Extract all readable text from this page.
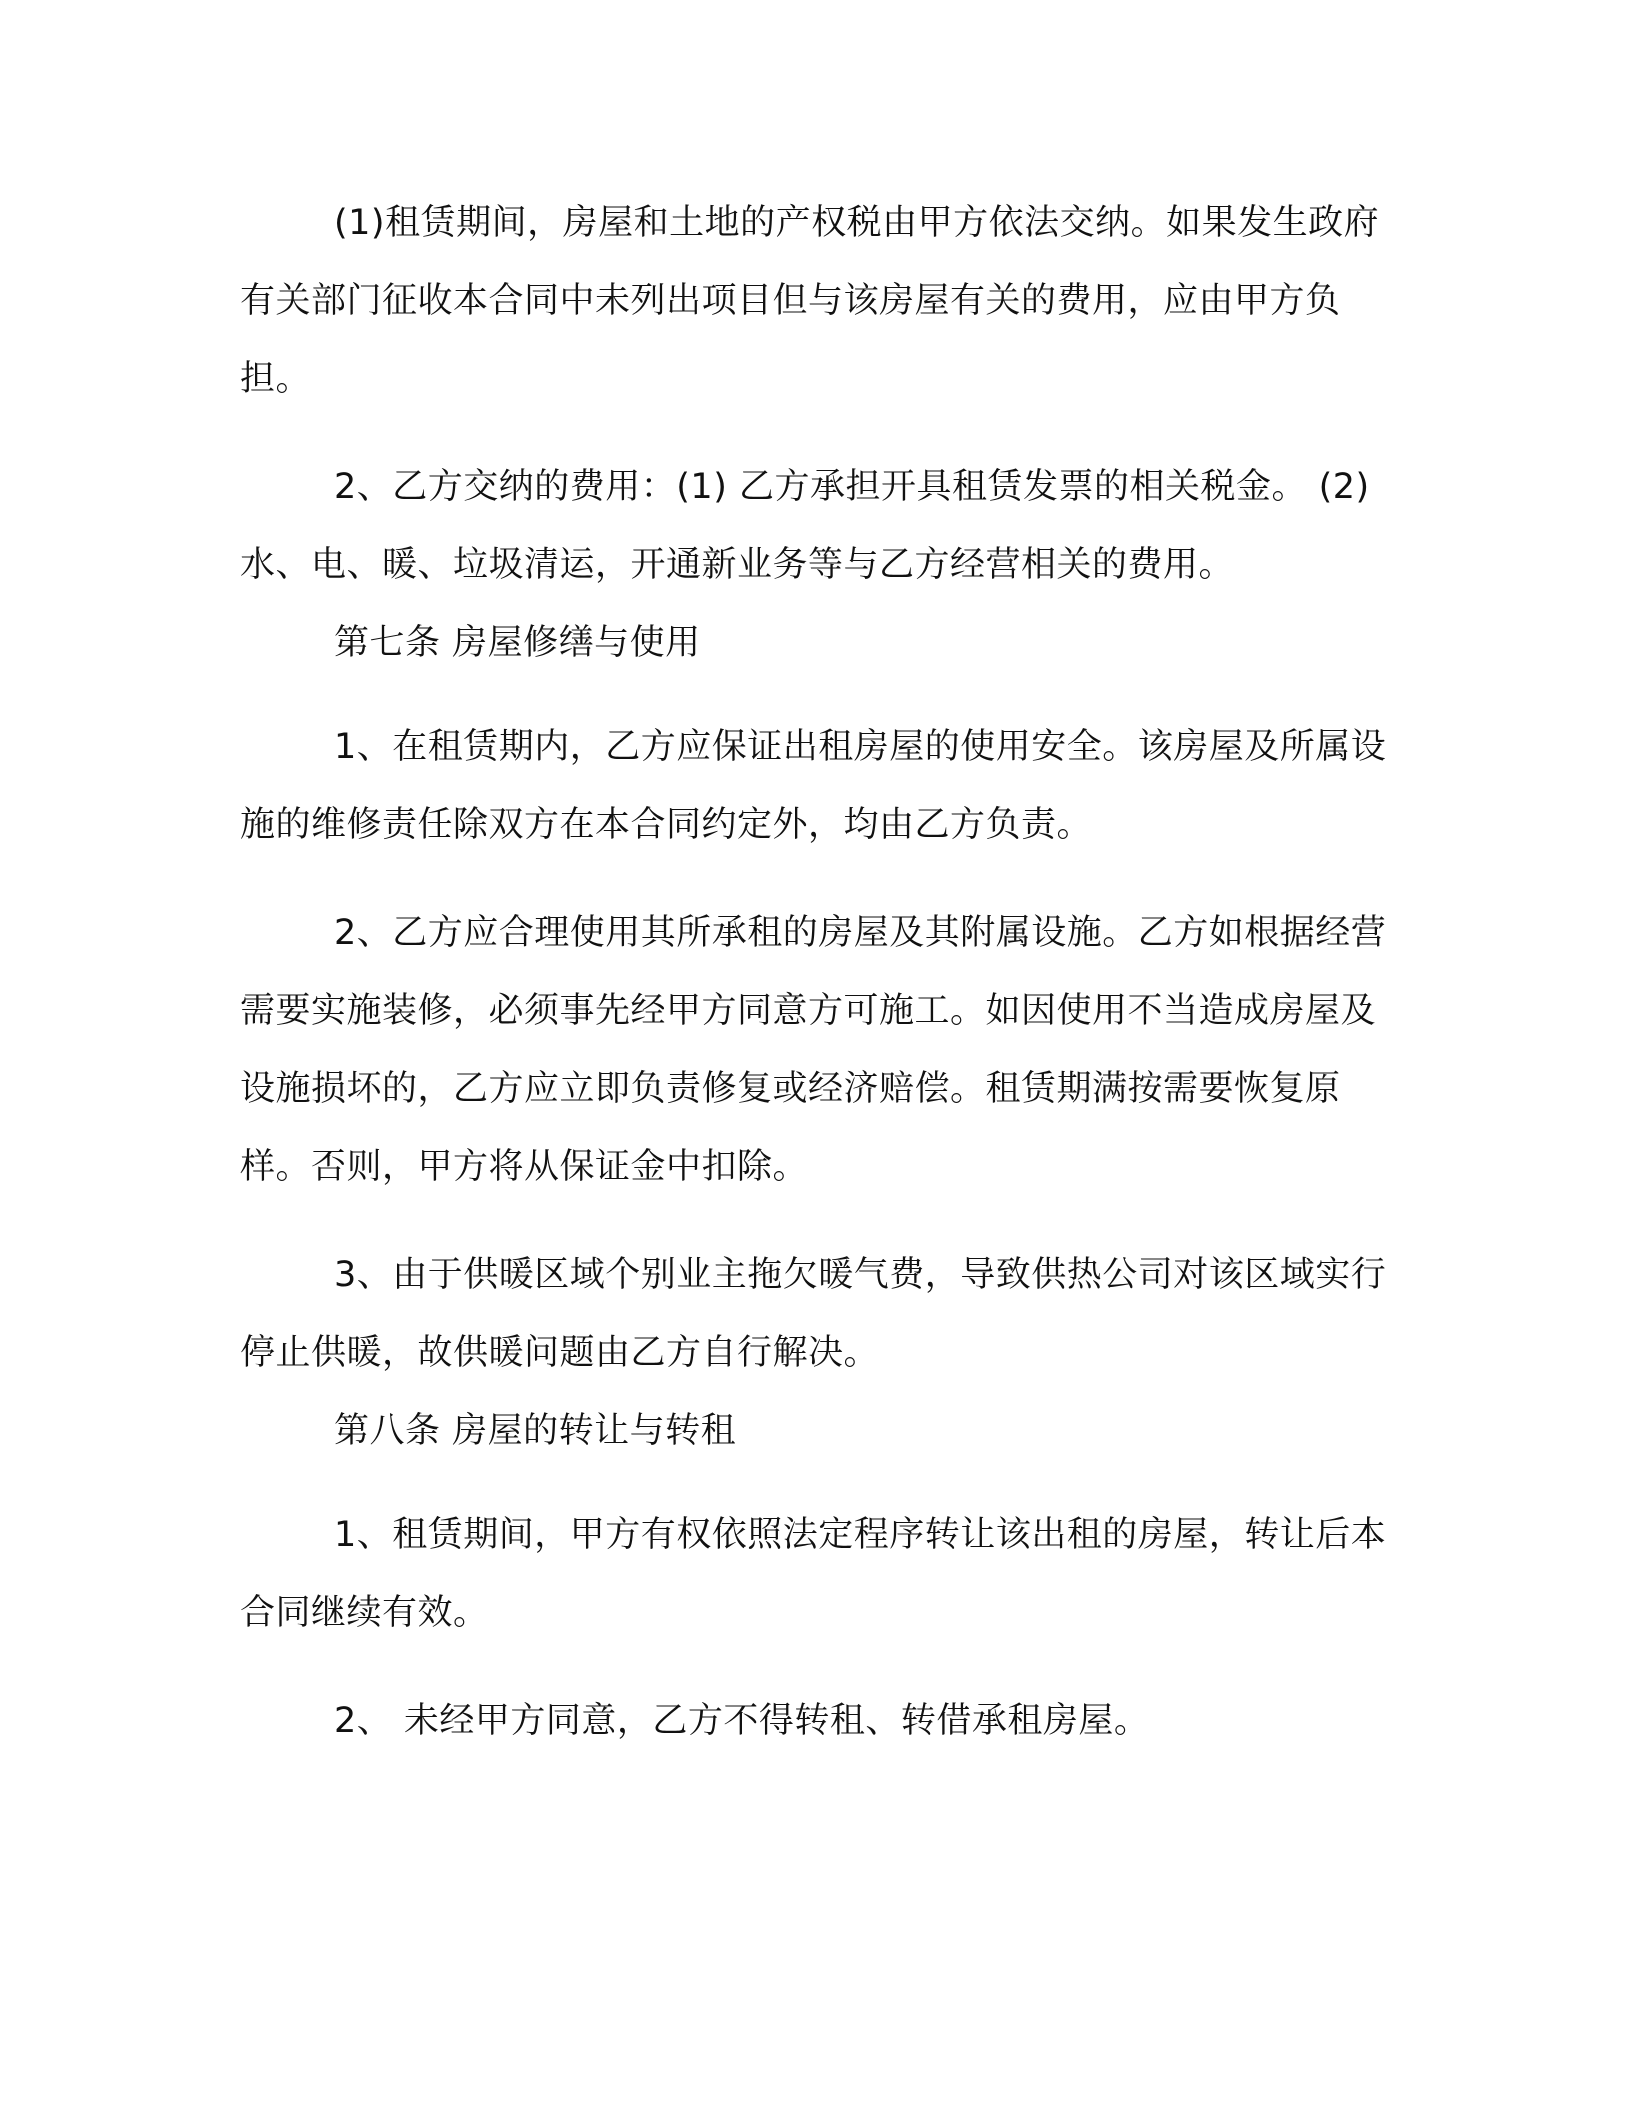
(1)租赁期间，房屋和土地的产权税由甲方依法交纳。如果发生政府有关部门征收本合同中未列出项目但与该房屋有关的费用，应由甲方负担。

2、乙方交纳的费用：(1) 乙方承担开具租赁发票的相关税金。 (2)水、电、暖、垃圾清运，开通新业务等与乙方经营相关的费用。

第七条 房屋修缮与使用

1、在租赁期内，乙方应保证出租房屋的使用安全。该房屋及所属设施的维修责任除双方在本合同约定外，均由乙方负责。

2、乙方应合理使用其所承租的房屋及其附属设施。乙方如根据经营需要实施装修，必须事先经甲方同意方可施工。如因使用不当造成房屋及设施损坏的，乙方应立即负责修复或经济赔偿。租赁期满按需要恢复原样。否则，甲方将从保证金中扣除。

3、由于供暖区域个别业主拖欠暖气费，导致供热公司对该区域实行停止供暖，故供暖问题由乙方自行解决。

第八条 房屋的转让与转租

1、租赁期间，甲方有权依照法定程序转让该出租的房屋，转让后本合同继续有效。

2、 未经甲方同意，乙方不得转租、转借承租房屋。
